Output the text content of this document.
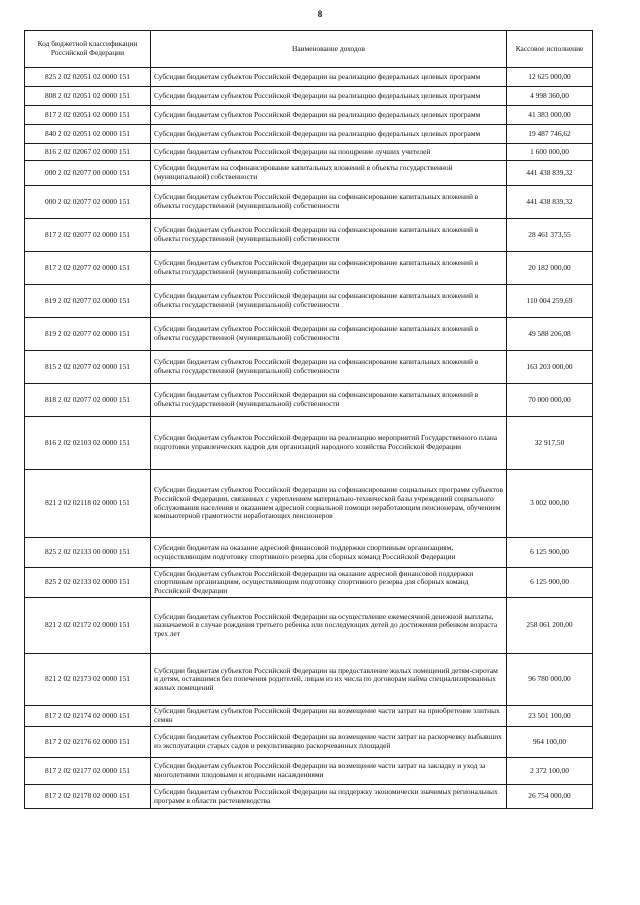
8
Код бюджетной классификации Российской Федерации	Наименование доходов	Кассовое исполнение
825 2 02 02051 02 0000 151	Субсидии бюджетам субъектов Российской Федерации на реализацию федеральных целевых программ	12 625 000,00
808 2 02 02051 02 0000 151	Субсидии бюджетам субъектов Российской Федерации на реализацию федеральных целевых программ	4 998 360,00
817 2 02 02051 02 0000 151	Субсидии бюджетам субъектов Российской Федерации на реализацию федеральных целевых программ	41 383 000,00
840 2 02 02051 02 0000 151	Субсидии бюджетам субъектов Российской Федерации на реализацию федеральных целевых программ	19 487 746,62
816 2 02 02067 02 0000 151	Субсидии бюджетам субъектов Российской Федерации на поощрение лучших учителей	1 600 000,00
000 2 02 02077 00 0000 151	Субсидии бюджетам на софинансирование капитальных вложений в объекты государственной (муниципальной) собственности	441 438 839,32
000 2 02 02077 02 0000 151	Субсидии бюджетам субъектов Российской Федерации на софинансирование капитальных вложений в объекты государственной (муниципальной) собственности	441 438 839,32
817 2 02 02077 02 0000 151	Субсидии бюджетам субъектов Российской Федерации на софинансирование капитальных вложений в объекты государственной (муниципальной) собственности	28 461 373,55
817 2 02 02077 02 0000 151	Субсидии бюджетам субъектов Российской Федерации на софинансирование капитальных вложений в объекты государственной (муниципальной) собственности	20 182 000,00
819 2 02 02077 02 0000 151	Субсидии бюджетам субъектов Российской Федерации на софинансирование капитальных вложений в объекты государственной (муниципальной) собственности	110 004 259,69
819 2 02 02077 02 0000 151	Субсидии бюджетам субъектов Российской Федерации на софинансирование капитальных вложений в объекты государственной (муниципальной) собственности	49 588 206,08
815 2 02 02077 02 0000 151	Субсидии бюджетам субъектов Российской Федерации на софинансирование капитальных вложений в объекты государственной (муниципальной) собственности	163 203 000,00
818 2 02 02077 02 0000 151	Субсидии бюджетам субъектов Российской Федерации на софинансирование капитальных вложений в объекты государственной (муниципальной) собственности	70 000 000,00
816 2 02 02103 02 0000 151	Субсидии бюджетам субъектов Российской Федерации на реализацию мероприятий Государственного плана подготовки управленческих кадров для организаций народного хозяйства Российской Федерации	32 917,50
821 2 02 02118 02 0000 151	Субсидии бюджетам субъектов Российской Федерации на софинансирование социальных программ субъектов Российской Федерации, связанных с укреплением материально-технической базы учреждений социального обслуживания населения и оказанием адресной социальной помощи неработающим пенсионерам, обучением компьютерной грамотности неработающих пенсионеров	3 002 000,00
825 2 02 02133 00 0000 151	Субсидии бюджетам на оказание адресной финансовой поддержки спортивным организациям, осуществляющим подготовку спортивного резерва для сборных команд Российской Федерации	6 125 900,00
825 2 02 02133 02 0000 151	Субсидии бюджетам субъектов Российской Федерации на оказание адресной финансовой поддержки спортивным организациям, осуществляющим подготовку спортивного резерва для сборных команд Российской Федерации	6 125 900,00
821 2 02 02172 02 0000 151	Субсидии бюджетам субъектов Российской Федерации на осуществление ежемесячной денежной выплаты, назначаемой в случае рождения третьего ребенка или последующих детей до достижения ребенком возраста трех лет	258 061 200,00
821 2 02 02173 02 0000 151	Субсидии бюджетам субъектов Российской Федерации на предоставление жилых помещений детям-сиротам и детям, оставшимся без попечения родителей, лицам из их числа по договорам найма специализированных жилых помещений	96 780 000,00
817 2 02 02174 02 0000 151	Субсидии бюджетам субъектов Российской Федерации на возмещение части затрат на приобретение элитных семян	23 501 100,00
817 2 02 02176 02 0000 151	Субсидии бюджетам субъектов Российской Федерации на возмещение части затрат на раскорчевку выбывших из эксплуатации старых садов и рекультивацию раскорчеванных площадей	964 100,00
817 2 02 02177 02 0000 151	Субсидии бюджетам субъектов Российской Федерации на возмещение части затрат на закладку и уход за многолетними плодовыми и ягодными насаждениями	2 372 100,00
817 2 02 02178 02 0000 151	Субсидии бюджетам субъектов Российской Федерации на поддержку экономически значимых региональных программ в области растениеводства	26 754 000,00
